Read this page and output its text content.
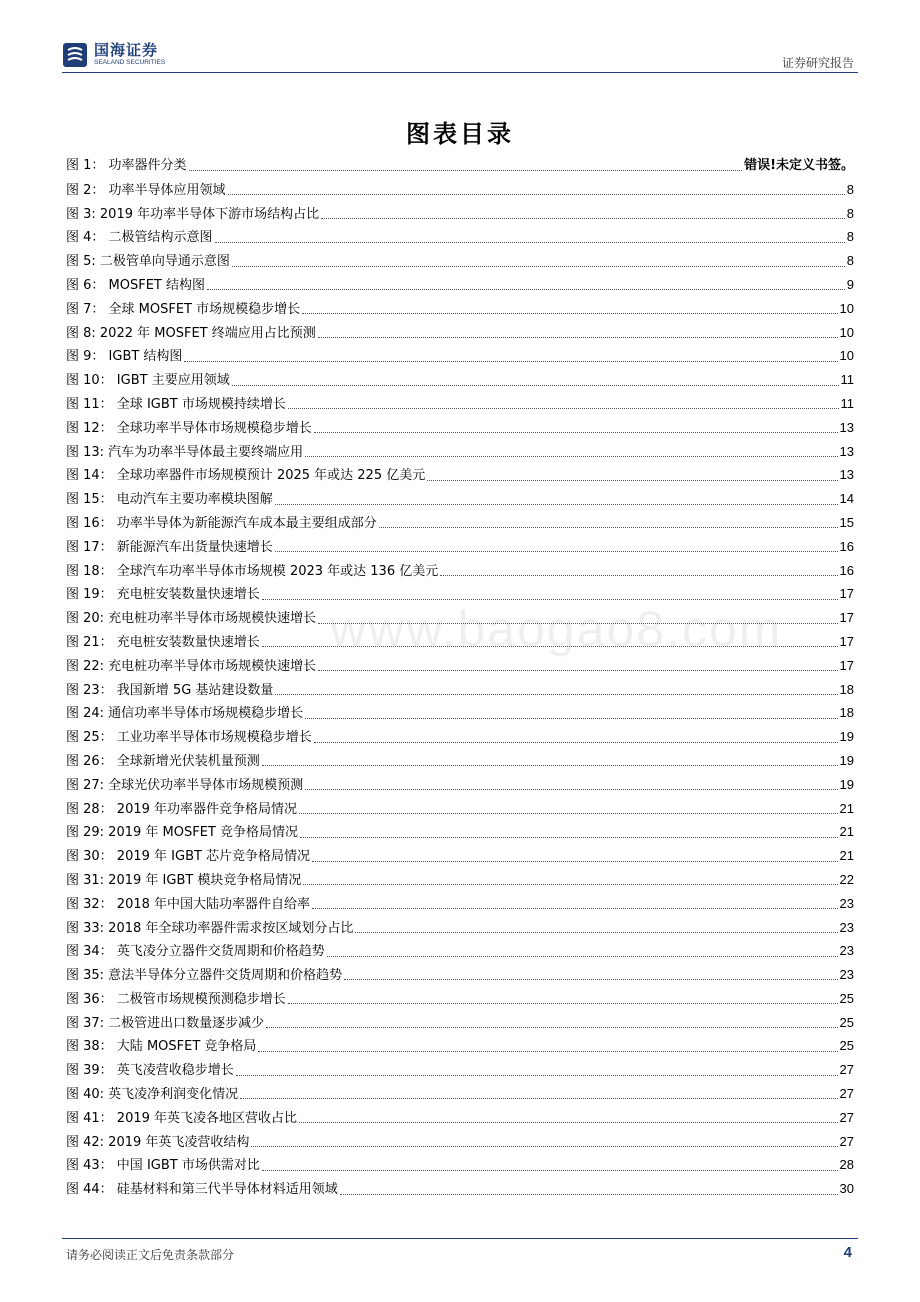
国海证券
SEALAND SECURITIES	证券研究报告
图表目录
www.baogao8.com
图 1： 功率器件分类	错误!未定义书签。
图 2： 功率半导体应用领域	8
图 3: 2019 年功率半导体下游市场结构占比	8
图 4： 二极管结构示意图	8
图 5: 二极管单向导通示意图	8
图 6： MOSFET 结构图	9
图 7： 全球 MOSFET 市场规模稳步增长	10
图 8: 2022 年 MOSFET 终端应用占比预测	10
图 9： IGBT 结构图	10
图 10： IGBT 主要应用领域	11
图 11： 全球 IGBT 市场规模持续增长	11
图 12： 全球功率半导体市场规模稳步增长	13
图 13: 汽车为功率半导体最主要终端应用	13
图 14： 全球功率器件市场规模预计 2025 年或达 225 亿美元	13
图 15： 电动汽车主要功率模块图解	14
图 16： 功率半导体为新能源汽车成本最主要组成部分	15
图 17： 新能源汽车出货量快速增长	16
图 18： 全球汽车功率半导体市场规模 2023 年或达 136 亿美元	16
图 19： 充电桩安装数量快速增长	17
图 20: 充电桩功率半导体市场规模快速增长	17
图 21： 充电桩安装数量快速增长	17
图 22: 充电桩功率半导体市场规模快速增长	17
图 23： 我国新增 5G 基站建设数量	18
图 24: 通信功率半导体市场规模稳步增长	18
图 25： 工业功率半导体市场规模稳步增长	19
图 26： 全球新增光伏装机量预测	19
图 27: 全球光伏功率半导体市场规模预测	19
图 28： 2019 年功率器件竞争格局情况	21
图 29: 2019 年 MOSFET 竞争格局情况	21
图 30： 2019 年 IGBT 芯片竞争格局情况	21
图 31: 2019 年 IGBT 模块竞争格局情况	22
图 32： 2018 年中国大陆功率器件自给率	23
图 33: 2018 年全球功率器件需求按区域划分占比	23
图 34： 英飞凌分立器件交货周期和价格趋势	23
图 35: 意法半导体分立器件交货周期和价格趋势	23
图 36： 二极管市场规模预测稳步增长	25
图 37: 二极管进出口数量逐步减少	25
图 38： 大陆 MOSFET 竞争格局	25
图 39： 英飞凌营收稳步增长	27
图 40: 英飞凌净利润变化情况	27
图 41： 2019 年英飞凌各地区营收占比	27
图 42: 2019 年英飞凌营收结构	27
图 43： 中国 IGBT 市场供需对比	28
图 44： 硅基材料和第三代半导体材料适用领域	30
请务必阅读正文后免责条款部分	4
